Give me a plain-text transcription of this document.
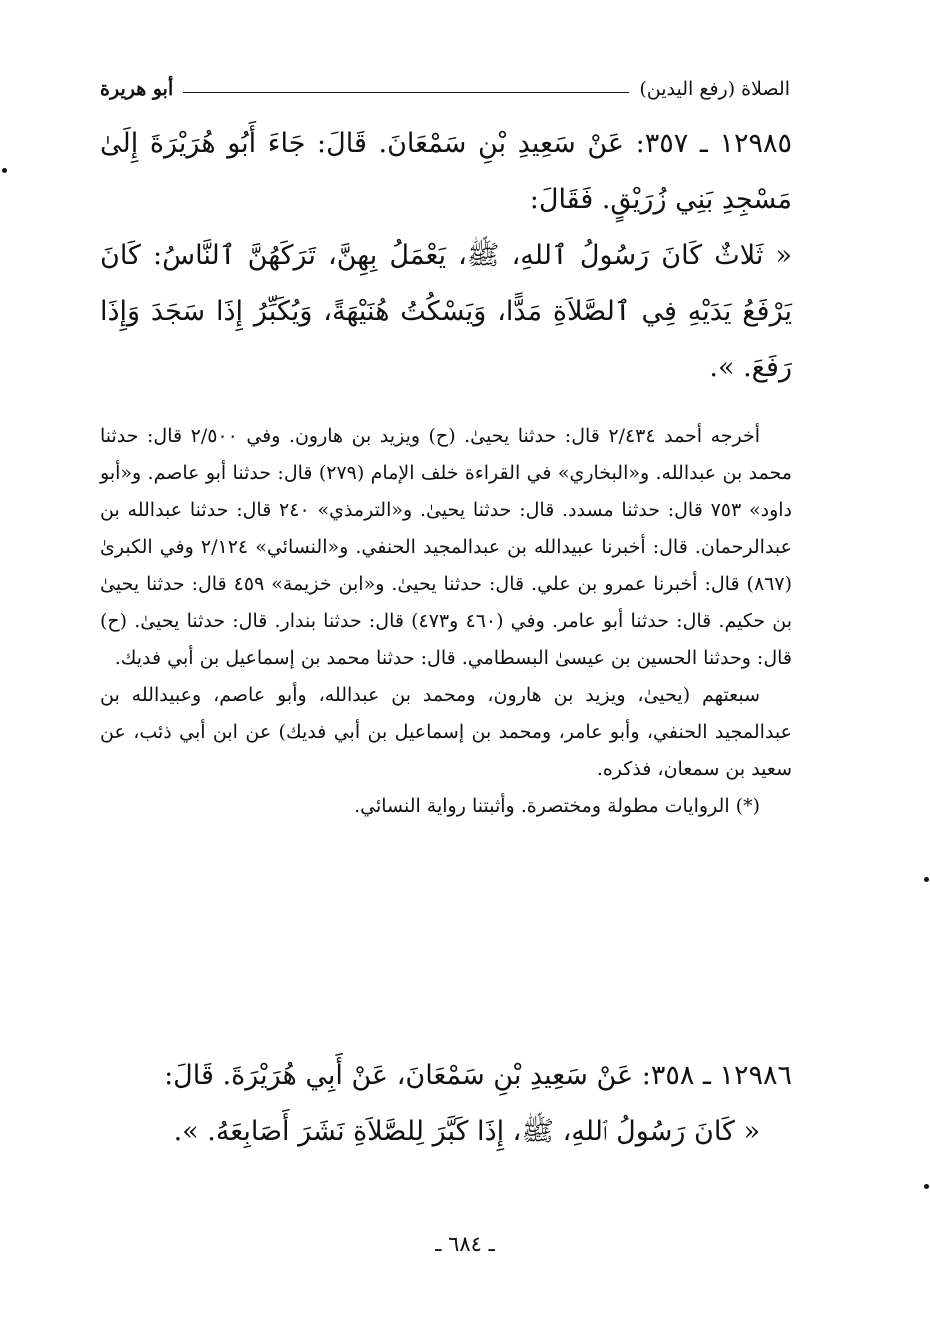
الصلاة (رفع اليدين)
أبو هريرة
١٢٩٨٥ ـ ٣٥٧: عَنْ سَعِيدِ بْنِ سَمْعَانَ. قَالَ: جَاءَ أَبُو هُرَيْرَةَ إِلَىٰ مَسْجِدِ بَنِي زُرَيْقٍ. فَقَالَ:
« ثَلاثٌ كَانَ رَسُولُ ٱللهِ، ﷺ، يَعْمَلُ بِهِنَّ، تَرَكَهُنَّ ٱلنَّاسُ: كَانَ يَرْفَعُ يَدَيْهِ فِي ٱلصَّلاَةِ مَدًّا، وَيَسْكُتُ هُنَيْهَةً، وَيُكَبِّرُ إِذَا سَجَدَ وَإِذَا رَفَعَ. ».

أخرجه أحمد ٢/٤٣٤ قال: حدثنا يحيىٰ. (ح) ويزيد بن هارون. وفي ٢/٥٠٠ قال: حدثنا محمد بن عبدالله. و«البخاري» في القراءة خلف الإمام (٢٧٩) قال: حدثنا أبو عاصم. و«أبو داود» ٧٥٣ قال: حدثنا مسدد. قال: حدثنا يحيىٰ. و«الترمذي» ٢٤٠ قال: حدثنا عبدالله بن عبدالرحمان. قال: أخبرنا عبيدالله بن عبدالمجيد الحنفي. و«النسائي» ٢/١٢٤ وفي الكبرىٰ (٨٦٧) قال: أخبرنا عمرو بن علي. قال: حدثنا يحيىٰ. و«ابن خزيمة» ٤٥٩ قال: حدثنا يحيىٰ بن حكيم. قال: حدثنا أبو عامر. وفي (٤٦٠ و٤٧٣) قال: حدثنا بندار. قال: حدثنا يحيىٰ. (ح) قال: وحدثنا الحسين بن عيسىٰ البسطامي. قال: حدثنا محمد بن إسماعيل بن أبي فديك.

سبعتهم (يحيىٰ، ويزيد بن هارون، ومحمد بن عبدالله، وأبو عاصم، وعبيدالله بن عبدالمجيد الحنفي، وأبو عامر، ومحمد بن إسماعيل بن أبي فديك) عن ابن أبي ذئب، عن سعيد بن سمعان، فذكره.

(*) الروايات مطولة ومختصرة. وأثبتنا رواية النسائي.

١٢٩٨٦ ـ ٣٥٨: عَنْ سَعِيدِ بْنِ سَمْعَانَ، عَنْ أَبِي هُرَيْرَةَ. قَالَ:
« كَانَ رَسُولُ ٱللهِ، ﷺ، إِذَا كَبَّرَ لِلصَّلاَةِ نَشَرَ أَصَابِعَهُ. ».
ـ ٦٨٤ ـ
